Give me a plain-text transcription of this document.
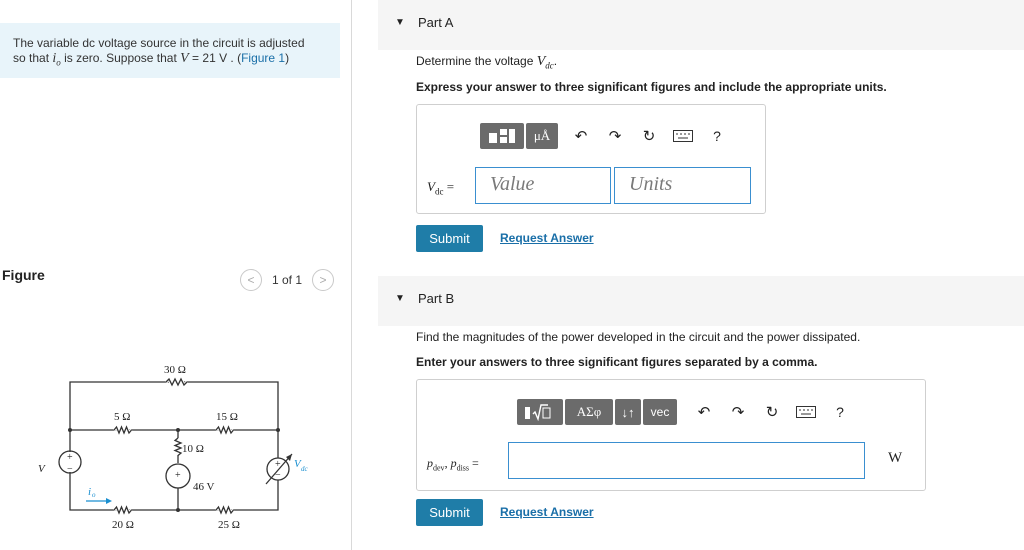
The variable dc voltage source in the circuit is adjusted
so that $i_o$ is zero. Suppose that V = 21 V . (Figure 1)
Figure	<	1 of 1	>
30 Ω
5 Ω	15 Ω
10 Ω
20 Ω	25 Ω
46 V
V
+
−
+
+
−
i o
V dc
▼ Part A
Determine the voltage $V_{dc}$.
Express your answer to three significant figures and include the appropriate units.
μÅ	↶	↷	↻	?
$V_{dc}$ =	Value	Units
Submit	Request Answer
▼ Part B
Find the magnitudes of the power developed in the circuit and the power dissipated.
Enter your answers to three significant figures separated by a comma.
ΑΣφ	↓↑	vec	↶	↷	↻	?
$p_{dev}$, $p_{diss}$ =	W
Submit	Request Answer
